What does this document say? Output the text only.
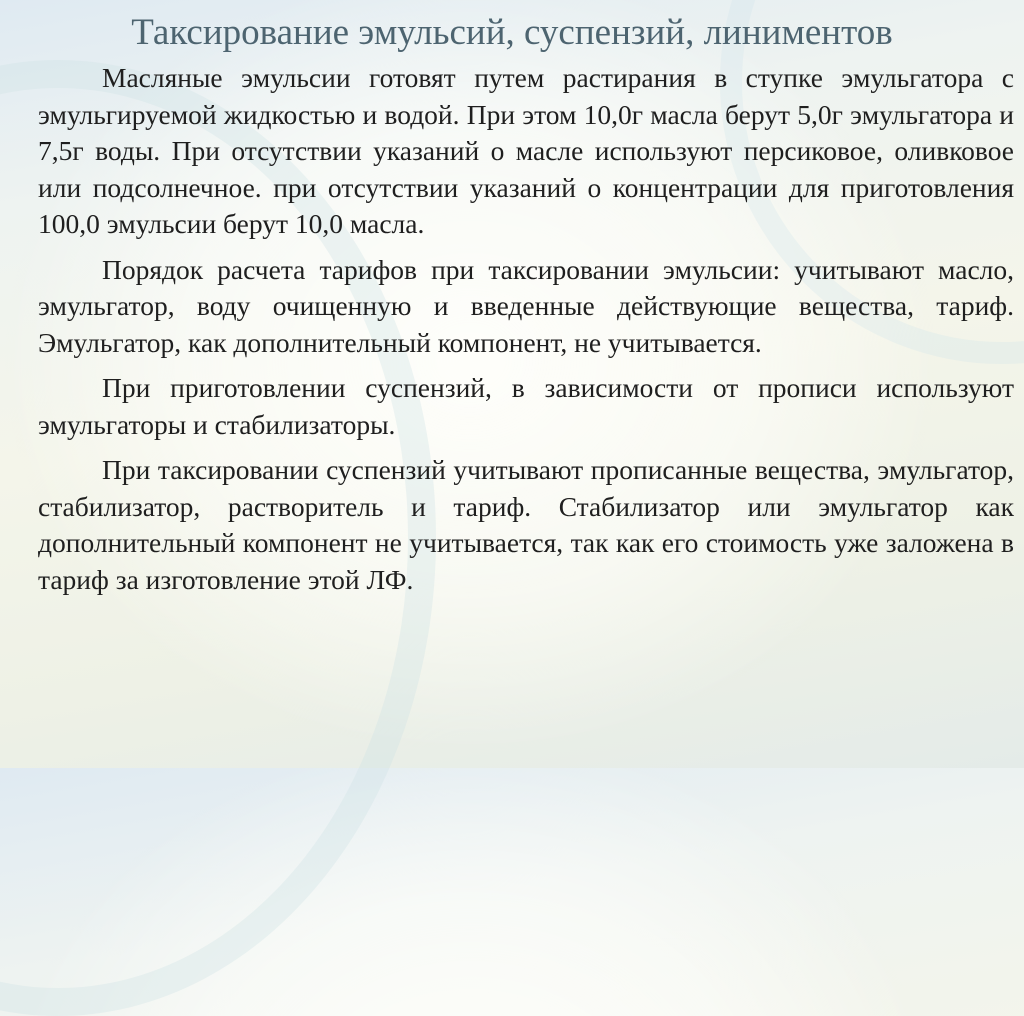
Таксирование эмульсий, суспензий, линиментов

Масляные эмульсии готовят путем растирания в ступке эмульгатора с эмульгируемой жидкостью и водой. При этом 10,0г масла берут 5,0г эмульгатора и 7,5г воды. При отсутствии указаний о масле используют персиковое, оливковое или подсолнечное. при отсутствии указаний о концентрации для приготовления 100,0 эмульсии берут 10,0 масла.

Порядок расчета тарифов при таксировании эмульсии: учитывают масло, эмульгатор, воду очищенную и введенные действующие вещества, тариф. Эмульгатор, как дополнительный компонент, не учитывается.

При приготовлении суспензий, в зависимости от прописи используют эмульгаторы и стабилизаторы.

При таксировании суспензий учитывают прописанные вещества, эмульгатор, стабилизатор, растворитель и тариф. Стабилизатор или эмульгатор как дополнительный компонент не учитывается, так как его стоимость уже заложена в тариф за изготовление этой ЛФ.
